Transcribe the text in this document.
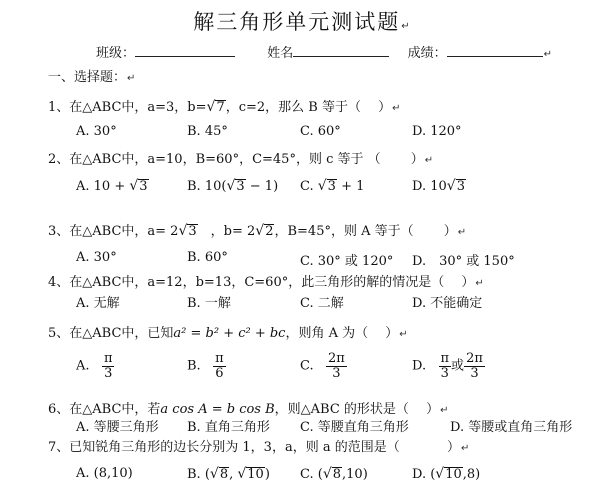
解三角形单元测试题↵
班级：	姓名	成绩：	↵
一、选择题：↵
1、在△ABC中，a=3，b=√7，c=2，那么 B 等于（　 ）↵
A. 30°	B. 45°	C. 60°	D. 120°
2、在△ABC中，a=10，B=60°，C=45°，则 c 等于 （　 　）↵
A. 10 + √3	B. 10(√3 − 1) C. √3 + 1	D. 10√3
3、在△ABC中，a= 2√3　，b= 2√2，B=45°，则 A 等于（　　 ）↵
A. 30°	B. 60°	C. 30° 或 120° D.　30° 或 150°
4、在△ABC中，a=12，b=13，C=60°，此三角形的解的情况是（　 ）↵
A. 无解	B. 一解	C. 二解	D. 不能确定
5、在△ABC中，已知a² = b² + c² + bc，则角 A 为（　 ）↵
A. $\frac{\pi}{3}$	B. $\frac{\pi}{6}$	C. $\frac{2\pi}{3}$	D. $\frac{\pi}{3}$ 或 $\frac{2\pi}{3}$
6、在△ABC中，若a cos A = b cos B，则△ABC 的形状是（　 ）↵
A. 等腰三角形 B. 直角三角形 C. 等腰直角三角形	D. 等腰或直角三角形
7、已知锐角三角形的边长分别为 1，3，a，则 a 的范围是（　 　 　）↵
A. (8,10)	B. (√8, √10) C. (√8,10)	D. (√10,8)
